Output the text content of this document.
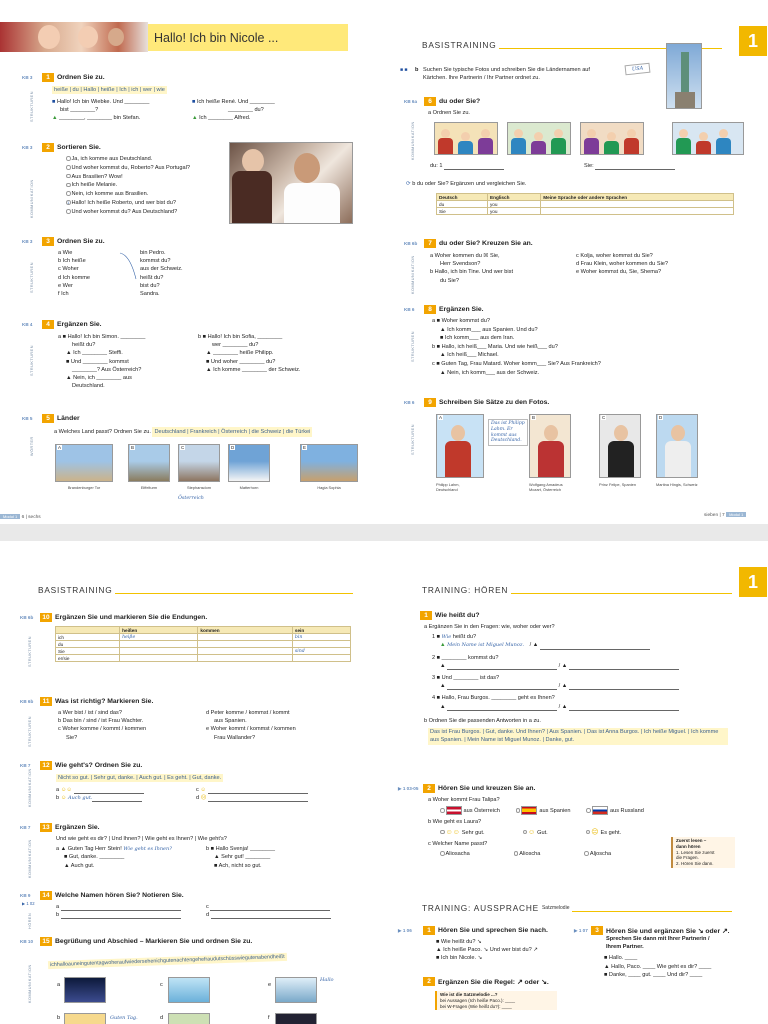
Hallo! Ich bin Nicole ...
KB 3	1	Ordnen Sie zu.
heiße | du | Hallo | heiße | Ich | ich | wer | wie
■ Hallo! Ich bin Wiebke. Und ________
bist ________?
▲ ________, ________ bin Stefan.
■ Ich heiße René. Und ________
________ du?
▲ Ich ________ Alfred.
STRUKTUREN
KB 3	2	Sortieren Sie.
Ja, ich komme aus Deutschland.
Und woher kommst du, Roberto? Aus Portugal?
Aus Brasilien? Wow!
Ich heiße Melanie.
Nein, ich komme aus Brasilien.
1 Hallo! Ich heiße Roberto, und wer bist du?
Und woher kommst du? Aus Deutschland?
KOMMUNIKATION
KB 3	3	Ordnen Sie zu.
a Wie
b Ich heiße
c Woher
d Ich komme
e Wer
f Ich
bin Pedro.
kommst du?
aus der Schweiz.
heißt du?
bist du?
Sandra.
STRUKTUREN
KB 4	4	Ergänzen Sie.
a ■ Hallo! Ich bin Simon. ________
heißt du?
▲ Ich ________ Steffi.
■ Und ________ kommst
________? Aus Österreich?
▲ Nein, ich ________ aus
Deutschland.
b ■ Hallo! Ich bin Sofia, ________
wer ________ du?
▲ ________ heiße Philipp.
■ Und woher ________ du?
▲ Ich komme ________ der Schweiz.
STRUKTUREN
KB 5	5	Länder
a Welches Land passt? Ordnen Sie zu. Deutschland | Frankreich | Österreich | die Schweiz | die Türkei
WÖRTER
Österreich
Modul 1 6 | sechs
A
Brandenburger Tor
B
Eiffelturm
C
Stephansdom
D
Matterhorn
E
Hagia Sophia
BASISTRAINING	1
■ ■ b Suchen Sie typische Fotos und schreiben Sie die Ländernamen auf Kärtchen. Ihre Partnerin / Ihr Partner ordnet zu.
USA
KB 6a	6	du oder Sie?
a Ordnen Sie zu.
KOMMUNIKATION
du: 1	Sie:
⟳ b du oder Sie? Ergänzen und vergleichen Sie.
Deutsch	Englisch	Meine Sprache oder andere Sprachen
du	you	
Sie	you	
KB 6b	7	du oder Sie? Kreuzen Sie an.
a Woher kommen du ☒ Sie,
Herr Svendson?
b Hallo, ich bin Tine. Und wer bist
du Sie?
c Kolja, woher kommst du Sie?
d Frau Klein, woher kommen du Sie?
e Woher kommst du, Sie, Shema?
KOMMUNIKATION
KB 6	8	Ergänzen Sie.
a ■ Woher kommst du?
▲ Ich komm___ aus Spanien. Und du?
■ Ich komm___ aus dem Iran.
b ■ Hallo, ich heiß___ Maria. Und wie heiß___ du?
▲ Ich heiß___ Michael.
c ■ Guten Tag, Frau Matard. Woher komm___ Sie? Aus Frankreich?
▲ Nein, ich komm___ aus der Schweiz.
STRUKTUREN
KB 6	9	Schreiben Sie Sätze zu den Fotos.
STRUKTUREN
Das ist Philipp Lahm. Er kommt aus Deutschland.
sieben | 7 Modul 1
A
Philipp Lahm, Deutschland
B
Wolfgang Amadeus Mozart, Österreich
C
Prinz Felipe, Spanien
D
Martina Hingis, Schweiz
BASISTRAINING
KB 6b	10 Ergänzen Sie und markieren Sie die Endungen.
STRUKTUREN
	heißen	kommen	sein
ich	heiße		bin
du			
Sie			sind
er/sie			
KB 6b	11 Was ist richtig? Markieren Sie.
a Wer bist / ist / sind das?
b Das bin / sind / ist Frau Wachter.
c Woher komme / kommt / kommen
Sie?
d Peter komme / kommst / kommt
aus Spanien.
e Woher kommt / kommst / kommen
Frau Wallander?
STRUKTUREN
KB 7	12 Wie geht's? Ordnen Sie zu.
Nicht so gut. | Sehr gut, danke. | Auch gut. | Es geht. | Gut, danke.
a ☺☺
b ☺ Auch gut.
c ☺
d ☹
KOMMUNIKATION
KB 7	13 Ergänzen Sie.
Und wie geht es dir? | Und Ihnen? | Wie geht es Ihnen? | Wie geht's?
a ▲ Guten Tag Herr Stein! Wie geht es Ihnen?
■ Gut, danke. ________
▲ Auch gut.
b ■ Hallo Svenja! ________
▲ Sehr gut! ________
■ Ach, nicht so gut.
KOMMUNIKATION
KB 9	14 Welche Namen hören Sie? Notieren Sie.
▶ 1 02
a
b
c
d
HÖREN
KB 10	15 Begrüßung und Abschied – Markieren Sie und ordnen Sie zu.
ichhalloauneingutentagwoheraufwiedersehenichgutenachtengehefraudutschüsswiegutenabendheißt
KOMMUNIKATION	a	c	e
Hallo
b	Guten Tag.	d	f
TRAINING: HÖREN	1
1	Wie heißt du?
a Ergänzen Sie in den Fragen: wie, woher oder wer?
1 ■ Wie heißt du?
▲ Mein Name ist Miguel Munoz. / ▲
2 ■ ________ kommst du?
▲	/ ▲
3 ■ Und ________ ist das?
▲	/ ▲
4 ■ Hallo, Frau Burgos. ________ geht es Ihnen?
▲	/ ▲
b Ordnen Sie die passenden Antworten in a zu.
Das ist Frau Burgos. | Gut, danke. Und Ihnen? | Aus Spanien. | Das ist Anna Burgos. | Ich heiße Miguel. | Ich komme aus Spanien. | Mein Name ist Miguel Munoz. | Danke, gut.
▶ 1 03-05	2	Hören Sie und kreuzen Sie an.
a Woher kommt Frau Talipa?
aus Österreich	aus Spanien	aus Russland
b Wie geht es Laura?
☺☺ Sehr gut.	☺ Gut.	☹ Es geht.
c Welcher Name passt?
Aliosacha	Alioscha	Aljoscha
Zuerst lesen –
dann hören
1. Lesen Sie zuerst
die Fragen.
2. Hören Sie dann.
TRAINING: AUSSPRACHE Satzmelodie
▶ 1 06	1	Hören Sie und sprechen Sie nach.
■ Wie heißt du? ↘
▲ Ich heiße Paco. ↘ Und wer bist du? ↗
■ Ich bin Nicole. ↘
2	Ergänzen Sie die Regel: ↗ oder ↘.
Wie ist die Satzmelodie ...?
bei Aussagen (Ich heiße Paco.): ____
bei W-Fragen (Wie heißt du?): ____
▶ 1 07	3	Hören Sie und ergänzen Sie ↘ oder ↗.
Sprechen Sie dann mit Ihrer Partnerin /
Ihrem Partner.
■ Hallo. ____
▲ Hallo, Paco. ____ Wie geht es dir? ____
■ Danke, ____ gut. ____ Und dir? ____
